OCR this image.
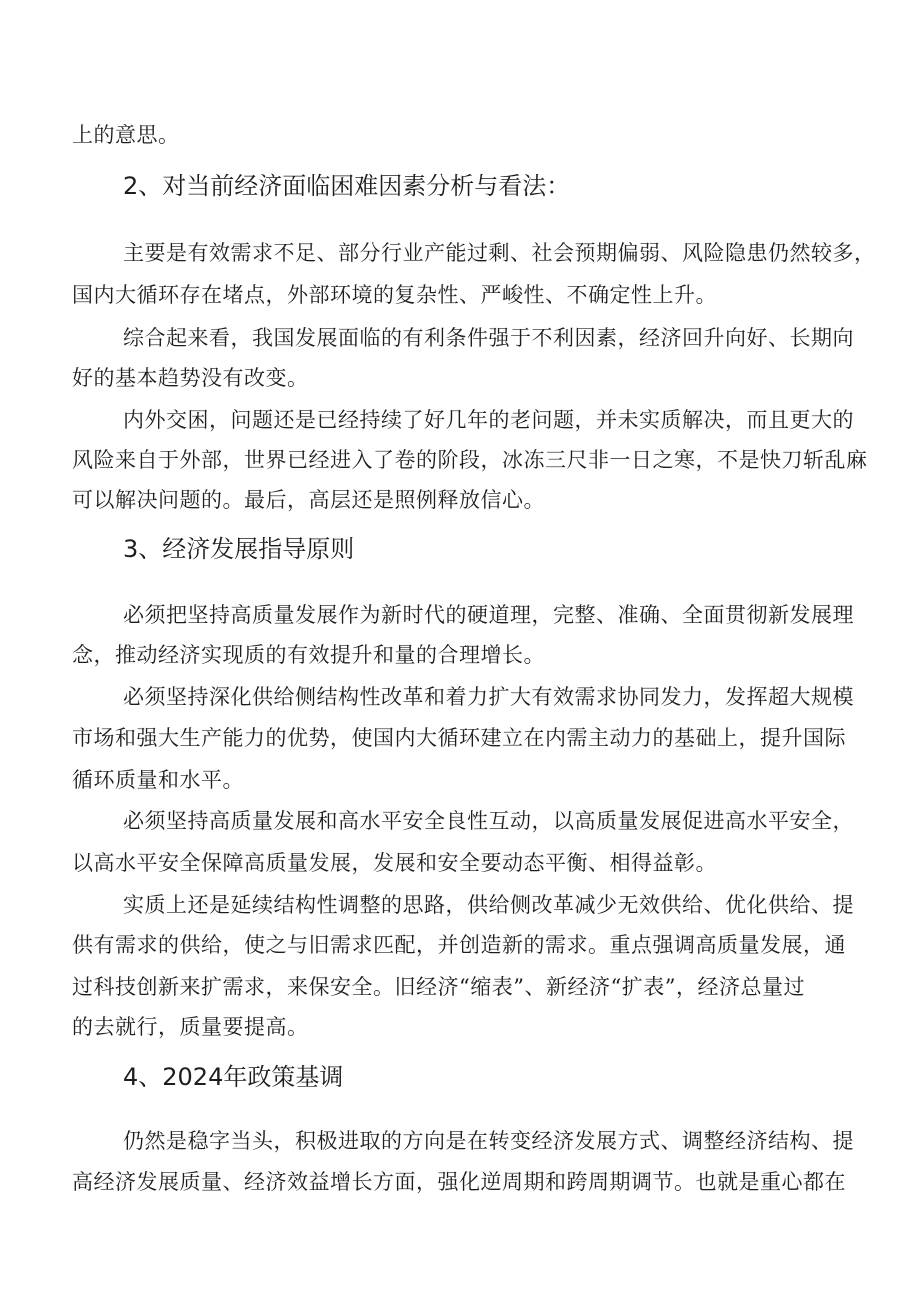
上的意思。
2、对当前经济面临困难因素分析与看法：
主要是有效需求不足、部分行业产能过剩、社会预期偏弱、风险隐患仍然较多，
国内大循环存在堵点，外部环境的复杂性、严峻性、不确定性上升。
综合起来看，我国发展面临的有利条件强于不利因素，经济回升向好、长期向
好的基本趋势没有改变。
内外交困，问题还是已经持续了好几年的老问题，并未实质解决，而且更大的
风险来自于外部，世界已经进入了卷的阶段，冰冻三尺非一日之寒，不是快刀斩乱麻
可以解决问题的。最后，高层还是照例释放信心。
3、经济发展指导原则
必须把坚持高质量发展作为新时代的硬道理，完整、准确、全面贯彻新发展理
念，推动经济实现质的有效提升和量的合理增长。
必须坚持深化供给侧结构性改革和着力扩大有效需求协同发力，发挥超大规模
市场和强大生产能力的优势，使国内大循环建立在内需主动力的基础上，提升国际
循环质量和水平。
必须坚持高质量发展和高水平安全良性互动，以高质量发展促进高水平安全，
以高水平安全保障高质量发展，发展和安全要动态平衡、相得益彰。
实质上还是延续结构性调整的思路，供给侧改革减少无效供给、优化供给、提
供有需求的供给，使之与旧需求匹配，并创造新的需求。重点强调高质量发展，通
过科技创新来扩需求，来保安全。旧经济“缩表”、新经济“扩表”，经济总量过
的去就行，质量要提高。
4、2024年政策基调
仍然是稳字当头，积极进取的方向是在转变经济发展方式、调整经济结构、提
高经济发展质量、经济效益增长方面，强化逆周期和跨周期调节。也就是重心都在
